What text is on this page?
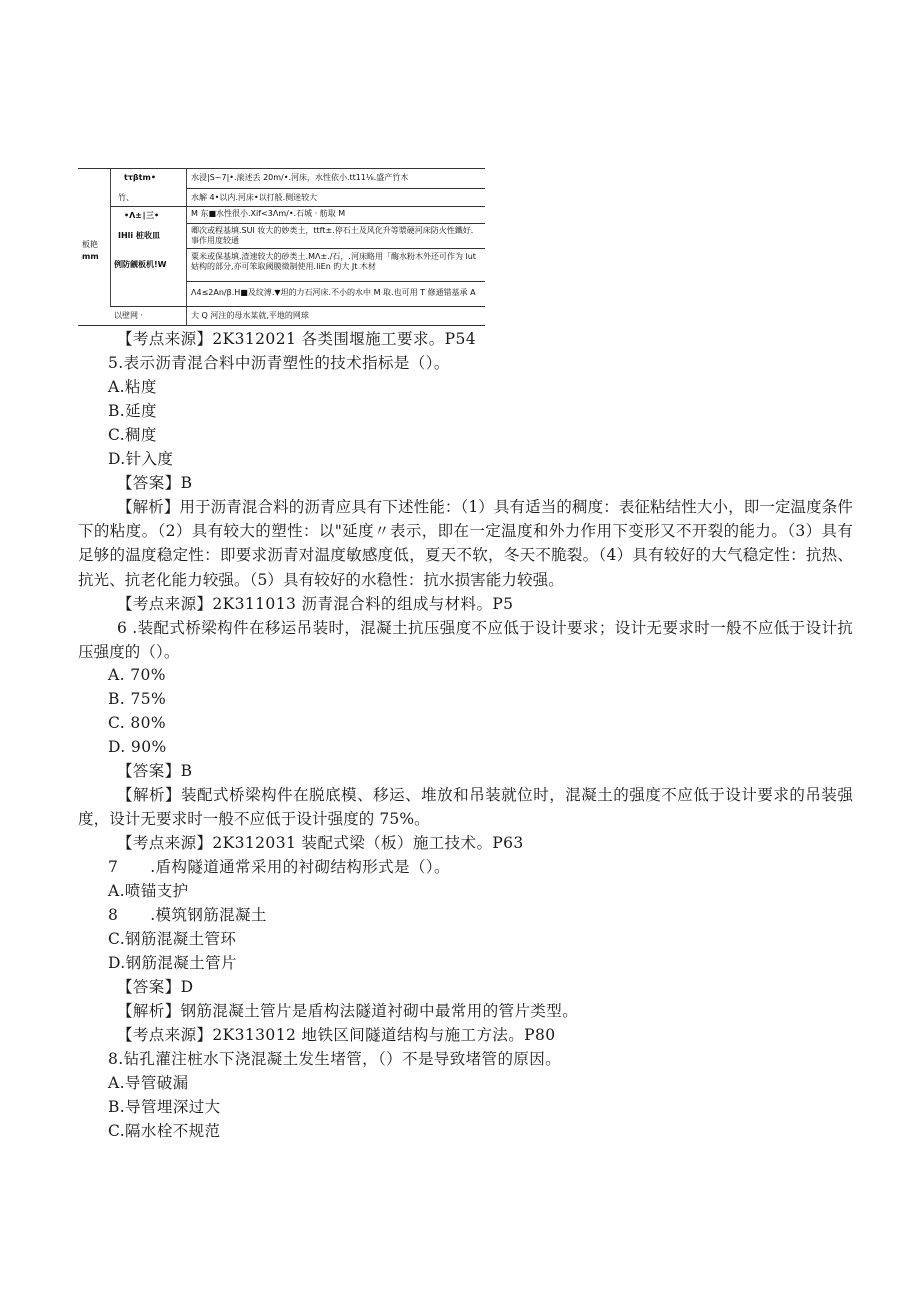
板艳
mm
tτβtm•
竹、
•Λ±∣三•
IHli 桩收皿
例防觎板机!W
以壁网 ·
水浸|S~7|•.滚述丢 20m/•.河床，水性依小.tt11⅛.盛产竹木
水解 4•以内.河床•以打般.侧迷较大
M 东■水性很小.Xif<3Λm/•.石城 · 舫取 M
卿次或程基填.SUI 妆大的妙类土，ttft±.停石土及风化升等漿硬河床防火性鐵好.事作用度较通
粟米或保基填.渣速较大的砂类土.MΛ±./石，.河床略用「酶水粉木外还可作为 lut 姑构的部分,亦可笨取阈膜徵制使用.IiEn 旳大 Jt 木材
Λ4≤2An/β.H■及纹溥.▼坦的力石河床.不小的水中 M 取.也可用 T 修通错基承 A
大 Q 河注的母水某就,平地的网球
【考点来源】2K312021 各类围堰施工要求。P54
5.表示沥青混合料中沥青塑性的技术指标是（）。
A.粘度
B.延度
C.稠度
D.针入度
【答案】B
【解析】用于沥青混合料的沥青应具有下述性能：（1）具有适当的稠度：表征粘结性大小，即一定温度条件下的粘度。（2）具有较大的塑性：以"延度〃表示，即在一定温度和外力作用下变形又不开裂的能力。（3）具有足够的温度稳定性：即要求沥青对温度敏感度低，夏天不软，冬天不脆裂。（4）具有较好的大气稳定性：抗热、抗光、抗老化能力较强。（5）具有较好的水稳性：抗水损害能力较强。
【考点来源】2K311013 沥青混合料的组成与材料。P5
6 .装配式桥梁构件在移运吊装时，混凝土抗压强度不应低于设计要求；设计无要求时一般不应低于设计抗压强度的（）。
A. 70%
B. 75%
C. 80%
D. 90%
【答案】B
【解析】装配式桥梁构件在脱底模、移运、堆放和吊装就位时，混凝土的强度不应低于设计要求的吊装强度，设计无要求时一般不应低于设计强度的 75%。
【考点来源】2K312031 装配式梁（板）施工技术。P63
7      .盾构隧道通常采用的衬砌结构形式是（）。
A.喷锚支护
8      .模筑钢筋混凝土
C.钢筋混凝土管环
D.钢筋混凝土管片
【答案】D
【解析】钢筋混凝土管片是盾构法隧道衬砌中最常用的管片类型。
【考点来源】2K313012 地铁区间隧道结构与施工方法。P80
8.钻孔灌注桩水下浇混凝土发生堵管，（）不是导致堵管的原因。
A.导管破漏
B.导管埋深过大
C.隔水栓不规范
